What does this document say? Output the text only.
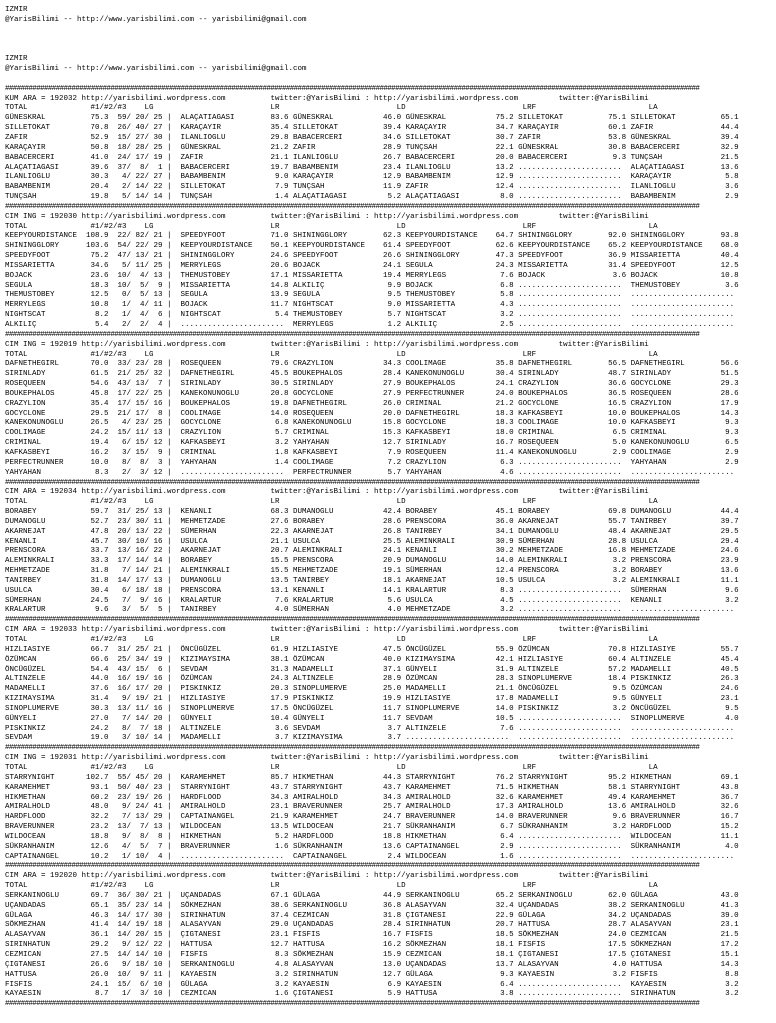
IZMIR
@YarisBilimi -- http://www.yarisbilimi.com -- yarisbilimi@gmail.com
IZMIR
@YarisBilimi -- http://www.yarisbilimi.com -- yarisbilimi@gmail.com
##################################################################################################################################################################################
KUM ARA = 192032 http://yarisbilimi.wordpress.com          twitter:@YarisBilimi : http://yarisbilimi.wordpress.com         twitter:@YarisBilimi
TOTAL              #1/#2/#3    LG                          LR                          LD                          LRF                         LA
GÜNESKRAL          75.3  59/ 20/ 25 |  ALAÇATIAGASI        83.6 GÜNESKRAL           46.0 GÜNESKRAL           75.2 SILLETOKAT          75.1 SILLETOKAT          65.1
SILLETOKAT         70.8  26/ 40/ 27 |  KARAÇAYIR           35.4 SILLETOKAT          39.4 KARAÇAYIR           34.7 KARAÇAYIR           60.1 ZAFIR               44.4
ZAFIR              52.9  15/ 27/ 30 |  ILANLIOGLU          29.8 BABACERCERI         34.6 SILLETOKAT          30.7 ZAFIR               53.8 GÜNESKRAL           39.4
KARAÇAYIR          50.8  18/ 28/ 25 |  GÜNESKRAL           21.2 ZAFIR               28.9 TUNÇSAH             22.1 GÜNESKRAL           30.8 BABACERCERI         32.9
BABACERCERI        41.0  24/ 17/ 19 |  ZAFIR               21.1 ILANLIOGLU          26.7 BABACERCERI         20.0 BABACERCERI          9.3 TUNÇSAH             21.5
ALAÇATIAGASI       39.6  37/  8/  1 |  BABACERCERI         19.7 BABAMBENIM          23.4 ILANLIOGLU          13.2 .......................  ALAÇATIAGASI        13.6
ILANLIOGLU         30.3   4/ 22/ 27 |  BABAMBENIM           9.0 KARAÇAYIR           12.9 BABAMBENIM          12.9 .......................  KARAÇAYIR            5.8
BABAMBENIM         20.4   2/ 14/ 22 |  SILLETOKAT           7.9 TUNÇSAH             11.9 ZAFIR               12.4 .......................  ILANLIOGLU           3.6
TUNÇSAH            19.8   5/ 14/ 14 |  TUNÇSAH              1.4 ALAÇATIAGASI         5.2 ALAÇATIAGASI         8.0 .......................  BABAMBENIM           2.9
##################################################################################################################################################################################
CIM ING = 192030 http://yarisbilimi.wordpress.com          twitter:@YarisBilimi : http://yarisbilimi.wordpress.com         twitter:@YarisBilimi
TOTAL              #1/#2/#3    LG                          LR                          LD                          LRF                         LA
KEEPYOURDISTANCE  108.9  22/ 82/ 21 |  SPEEDYFOOT          71.0 SHININGGLORY        62.3 KEEPYOURDISTANCE    64.7 SHININGGLORY        92.0 SHININGGLORY        93.8
SHININGGLORY      103.6  54/ 22/ 29 |  KEEPYOURDISTANCE    50.1 KEEPYOURDISTANCE    61.4 SPEEDYFOOT          62.6 KEEPYOURDISTANCE    65.2 KEEPYOURDISTANCE    68.0
SPEEDYFOOT         75.2  47/ 13/ 21 |  SHININGGLORY        24.6 SPEEDYFOOT          26.6 SHININGGLORY        47.3 SPEEDYFOOT          36.9 MISSARIETTA         40.4
MISSARIETTA        34.6   5/ 11/ 25 |  MERRYLEGS           20.6 BOJACK              24.1 SEGULA              24.3 MISSARIETTA         31.4 SPEEDYFOOT          12.5
BOJACK             23.6  10/  4/ 13 |  THEMUSTOBEY         17.1 MISSARIETTA         19.4 MERRYLEGS            7.6 BOJACK               3.6 BOJACK              10.8
SEGULA             18.3  10/  5/  9 |  MISSARIETTA         14.8 ALKILIÇ              9.9 BOJACK               6.8 .......................  THEMUSTOBEY          3.6
THEMUSTOBEY        12.5   0/  5/ 13 |  SEGULA              13.9 SEGULA               9.5 THEMUSTOBEY          5.8 .......................  .......................
MERRYLEGS          10.8   1/  4/ 11 |  BOJACK              11.7 NIGHTSCAT            9.0 MISSARIETTA          4.3 .......................  .......................
NIGHTSCAT           8.2   1/  4/  6 |  NIGHTSCAT            5.4 THEMUSTOBEY          5.7 NIGHTSCAT            3.2 .......................  .......................
ALKILIÇ             5.4   2/  2/  4 |  .......................  MERRYLEGS            1.2 ALKILIÇ              2.5 .......................  .......................
##################################################################################################################################################################################
CIM ING = 192019 http://yarisbilimi.wordpress.com          twitter:@YarisBilimi : http://yarisbilimi.wordpress.com         twitter:@YarisBilimi
TOTAL              #1/#2/#3    LG                          LR                          LD                          LRF                         LA
DAFNETHEGIRL       70.0  33/ 23/ 28 |  ROSEQUEEN           79.6 CRAZYLION           34.3 COOLIMAGE           35.8 DAFNETHEGIRL        56.5 DAFNETHEGIRL        56.6
SIRINLADY          61.5  21/ 25/ 32 |  DAFNETHEGIRL        45.5 BOUKEPHALOS         28.4 KANEKONUNOGLU       30.4 SIRINLADY           48.7 SIRINLADY           51.5
ROSEQUEEN          54.6  43/ 13/  7 |  SIRINLADY           30.5 SIRINLADY           27.9 BOUKEPHALOS         24.1 CRAZYLION           36.6 GOCYCLONE           29.3
BOUKEPHALOS        45.8  17/ 22/ 25 |  KANEKONUNOGLU       20.8 GOCYCLONE           27.9 PERFECTRUNNER       24.0 BOUKEPHALOS         36.5 ROSEQUEEN           28.6
CRAZYLION          35.4  17/ 15/ 16 |  BOUKEPHALOS         19.8 DAFNETHEGIRL        26.0 CRIMINAL            21.2 GOCYCLONE           16.5 CRAZYLION           17.9
GOCYCLONE          29.5  21/ 17/  8 |  COOLIMAGE           14.0 ROSEQUEEN           20.0 DAFNETHEGIRL        18.3 KAFKASBEYI          10.0 BOUKEPHALOS         14.3
KANEKONUNOGLU      26.5   4/ 23/ 25 |  GOCYCLONE            6.8 KANEKONUNOGLU       15.8 GOCYCLONE           18.3 COOLIMAGE           10.0 KAFKASBEYI           9.3
COOLIMAGE          24.2  15/ 11/ 13 |  CRAZYLION            5.7 CRIMINAL            15.3 KAFKASBEYI          18.0 CRIMINAL             6.5 CRIMINAL             9.3
CRIMINAL           19.4   6/ 15/ 12 |  KAFKASBEYI           3.2 YAHYAHAN            12.7 SIRINLADY           16.7 ROSEQUEEN            5.0 KANEKONUNOGLU        6.5
KAFKASBEYI         16.2   3/ 15/  9 |  CRIMINAL             1.8 KAFKASBEYI           7.9 ROSEQUEEN           11.4 KANEKONUNOGLU        2.9 COOLIMAGE            2.9
PERFECTRUNNER      10.0   8/  8/  3 |  YAHYAHAN             1.4 COOLIMAGE            7.2 CRAZYLION            6.3 .......................  YAHYAHAN             2.9
YAHYAHAN            8.3   2/  3/ 12 |  .......................  PERFECTRUNNER        5.7 YAHYAHAN             4.6 .......................  .......................
##################################################################################################################################################################################
CIM ARA = 192034 http://yarisbilimi.wordpress.com          twitter:@YarisBilimi : http://yarisbilimi.wordpress.com         twitter:@YarisBilimi
TOTAL              #1/#2/#3    LG                          LR                          LD                          LRF                         LA
BORABEY            59.7  31/ 25/ 13 |  KENANLI             68.3 DUMANOGLU           42.4 BORABEY             45.1 BORABEY             69.8 DUMANOGLU           44.4
DUMANOGLU          52.7  23/ 30/ 11 |  MEHMETZADE          27.6 BORABEY             28.6 PRENSCORA           36.0 AKARNEJAT           55.7 TANIRBEY            39.7
AKARNEJAT          47.8  20/ 13/ 22 |  SÜMERHAN            22.3 AKARNEJAT           26.8 TANIRBEY            34.1 DUMANOGLU           48.4 AKARNEJAT           29.5
KENANLI            45.7  30/ 10/ 16 |  USULCA              21.1 USULCA              25.5 ALEMINKRALI         30.9 SÜMERHAN            28.8 USULCA              29.4
PRENSCORA          33.7  13/ 16/ 22 |  AKARNEJAT           20.7 ALEMINKRALI         24.1 KENANLI             30.2 MEHMETZADE          16.8 MEHMETZADE          24.6
ALEMINKRALI        33.3  17/ 14/ 14 |  BORABEY             15.5 PRENSCORA           20.9 DUMANOGLU           14.0 ALEMINKRALI          3.2 PRENSCORA           23.9
MEHMETZADE         31.8   7/ 14/ 21 |  ALEMINKRALI         15.5 MEHMETZADE          19.1 SÜMERHAN            12.4 PRENSCORA            3.2 BORABEY             13.6
TANIRBEY           31.8  14/ 17/ 13 |  DUMANOGLU           13.5 TANIRBEY            18.1 AKARNEJAT           10.5 USULCA               3.2 ALEMINKRALI         11.1
USULCA             30.4   6/ 18/ 18 |  PRENSCORA           13.1 KENANLI             14.1 KRALARTUR            8.3 .......................  SÜMERHAN             9.6
SÜMERHAN           24.5   7/  9/ 16 |  KRALARTUR            7.6 KRALARTUR            5.6 USULCA               4.5 .......................  KENANLI              3.2
KRALARTUR           9.6   3/  5/  5 |  TANIRBEY             4.0 SÜMERHAN             4.0 MEHMETZADE           3.2 .......................  .......................
##################################################################################################################################################################################
CIM ARA = 192033 http://yarisbilimi.wordpress.com          twitter:@YarisBilimi : http://yarisbilimi.wordpress.com         twitter:@YarisBilimi
TOTAL              #1/#2/#3    LG                          LR                          LD                          LRF                         LA
HIZLIASIYE         66.7  31/ 25/ 21 |  ÖNCÜGÜZEL           61.9 HIZLIASIYE          47.5 ÖNCÜGÜZEL           55.9 ÖZÜMCAN             70.8 HIZLIASIYE          55.7
ÖZÜMCAN            66.6  25/ 34/ 19 |  KIZIMAYSIMA         38.1 ÖZÜMCAN             40.0 KIZIMAYSIMA         42.1 HIZLIASIYE          60.4 ALTINZELE           45.4
ÖNCÜGÜZEL          54.4  43/ 15/  6 |  SEVDAM              31.3 MADAMELLI           37.1 GÜNYELI             31.9 ALTINZELE           57.2 MADAMELLI           40.5
ALTINZELE          44.0  16/ 19/ 16 |  ÖZÜMCAN             24.3 ALTINZELE           28.9 ÖZÜMCAN             28.3 SINOPLUMERVE        18.4 PISKINKIZ           26.3
MADAMELLI          37.6  16/ 17/ 20 |  PISKINKIZ           20.3 SINOPLUMERVE        25.0 MADAMELLI           21.1 ÖNCÜGÜZEL            9.5 ÖZÜMCAN             24.6
KIZIMAYSIMA        31.4   9/ 19/ 21 |  HIZLIASIYE          17.9 PISKINKIZ           19.9 HIZLIASIYE          17.8 MADAMELLI            9.5 GÜNYELI             23.1
SINOPLUMERVE       30.3  13/ 11/ 16 |  SINOPLUMERVE        17.5 ÖNCÜGÜZEL           11.7 SINOPLUMERVE        14.0 PISKINKIZ            3.2 ÖNCÜGÜZEL            9.5
GÜNYELI            27.0   7/ 14/ 20 |  GÜNYELI             10.4 GÜNYELI             11.7 SEVDAM              10.5 .......................  SINOPLUMERVE         4.0
PISKINKIZ          24.2   8/  7/ 18 |  ALTINZELE            3.6 SEVDAM               3.7 ALTINZELE            7.6 .......................  .......................
SEVDAM             19.0   3/ 10/ 14 |  MADAMELLI            3.7 KIZIMAYSIMA          3.7 .......................  .......................  .......................
##################################################################################################################################################################################
CIM ING = 192031 http://yarisbilimi.wordpress.com          twitter:@YarisBilimi : http://yarisbilimi.wordpress.com         twitter:@YarisBilimi
TOTAL              #1/#2/#3    LG                          LR                          LD                          LRF                         LA
STARRYNIGHT       102.7  55/ 45/ 20 |  KARAMEHMET          85.7 HIKMETHAN           44.3 STARRYNIGHT         76.2 STARRYNIGHT         95.2 HIKMETHAN           69.1
KARAMEHMET         93.1  50/ 40/ 23 |  STARRYNIGHT         43.7 STARRYNIGHT         43.7 KARAMEHMET          71.5 HIKMETHAN           58.1 STARRYNIGHT         43.8
HIKMETHAN          60.2  23/ 19/ 26 |  HARDFLOOD           34.3 AMIRALHOLD          34.3 AMIRALHOLD          32.6 KARAMEHMET          49.4 KARAMEHMET          36.7
AMIRALHOLD         48.0   9/ 24/ 41 |  AMIRALHOLD          23.1 BRAVERUNNER         25.7 AMIRALHOLD          17.3 AMIRALHOLD          13.6 AMIRALHOLD          32.6
HARDFLOOD          32.2   7/ 13/ 29 |  CAPTAINANGEL        21.9 KARAMEHMET          24.7 BRAVERUNNER         14.0 BRAVERUNNER          9.6 BRAVERUNNER         16.7
BRAVERUNNER        23.2  13/  7/ 13 |  WILDOCEAN           13.5 WILDOCEAN           21.7 SÜKRANHANIM          6.7 SÜKRANHANIM          3.2 HARDFLOOD           15.2
WILDOCEAN          18.8   9/  8/  8 |  HIKMETHAN            5.2 HARDFLOOD           18.8 HIKMETHAN            6.4 .......................  WILDOCEAN           11.1
SÜKRANHANIM        12.6   4/  5/  7 |  BRAVERUNNER          1.6 SÜKRANHANIM         13.6 CAPTAINANGEL         2.9 .......................  SÜKRANHANIM          4.0
CAPTAINANGEL       10.2   1/ 10/  4 |  .......................  CAPTAINANGEL         2.4 WILDOCEAN            1.6 .......................  .......................
##################################################################################################################################################################################
CIM ARA = 192020 http://yarisbilimi.wordpress.com          twitter:@YarisBilimi : http://yarisbilimi.wordpress.com         twitter:@YarisBilimi
TOTAL              #1/#2/#3    LG                          LR                          LD                          LRF                         LA
SERKANINOGLU       69.7  36/ 30/ 21 |  UÇANDADAS           67.1 GÜLAGA              44.9 SERKANINOGLU        65.2 SERKANINOGLU        62.0 GÜLAGA              43.0
UÇANDADAS          65.1  35/ 23/ 14 |  SÖKMEZHAN           38.6 SERKANINOGLU        36.8 ALASAYVAN           32.4 UÇANDADAS           38.2 SERKANINOGLU        41.3
GÜLAGA             46.3  14/ 17/ 30 |  SIRINHATUN          37.4 CEZMICAN            31.8 ÇIGTANESI           22.9 GÜLAGA              34.2 UÇANDADAS           39.0
SÖKMEZHAN          41.4  14/ 19/ 18 |  ALASAYVAN           29.0 UÇANDADAS           28.4 SIRINHATUN          20.7 HATTUSA             28.7 ALASAYVAN           23.1
ALASAYVAN          36.1  14/ 20/ 15 |  ÇIGTANESI           23.1 FISFIS              16.7 FISFIS              18.5 SÖKMEZHAN           24.0 CEZMICAN            21.5
SIRINHATUN         29.2   9/ 12/ 22 |  HATTUSA             12.7 HATTUSA             16.2 SÖKMEZHAN           18.1 FISFIS              17.5 SÖKMEZHAN           17.2
CEZMICAN           27.5  14/ 14/ 10 |  FISFIS               8.3 SÖKMEZHAN           15.9 CEZMICAN            18.1 ÇIGTANESI           17.5 ÇIGTANESI           15.1
ÇIGTANESI          26.6   9/ 18/ 10 |  SERKANINOGLU         4.8 ALASAYVAN           13.0 UÇANDADAS           13.7 ALASAYVAN            4.0 HATTUSA             14.3
HATTUSA            26.0  10/  9/ 11 |  KAYAESIN             3.2 SIRINHATUN          12.7 GÜLAGA               9.3 KAYAESIN             3.2 FISFIS               8.8
FISFIS             24.1  15/  6/ 10 |  GÜLAGA               3.2 KAYAESIN             6.9 KAYAESIN             6.4 .......................  KAYAESIN             3.2
KAYAESIN            8.7   1/  3/ 10 |  CEZMICAN             1.6 ÇIGTANESI            5.9 HATTUSA              3.8 .......................  SIRINHATUN           3.2
##################################################################################################################################################################################
